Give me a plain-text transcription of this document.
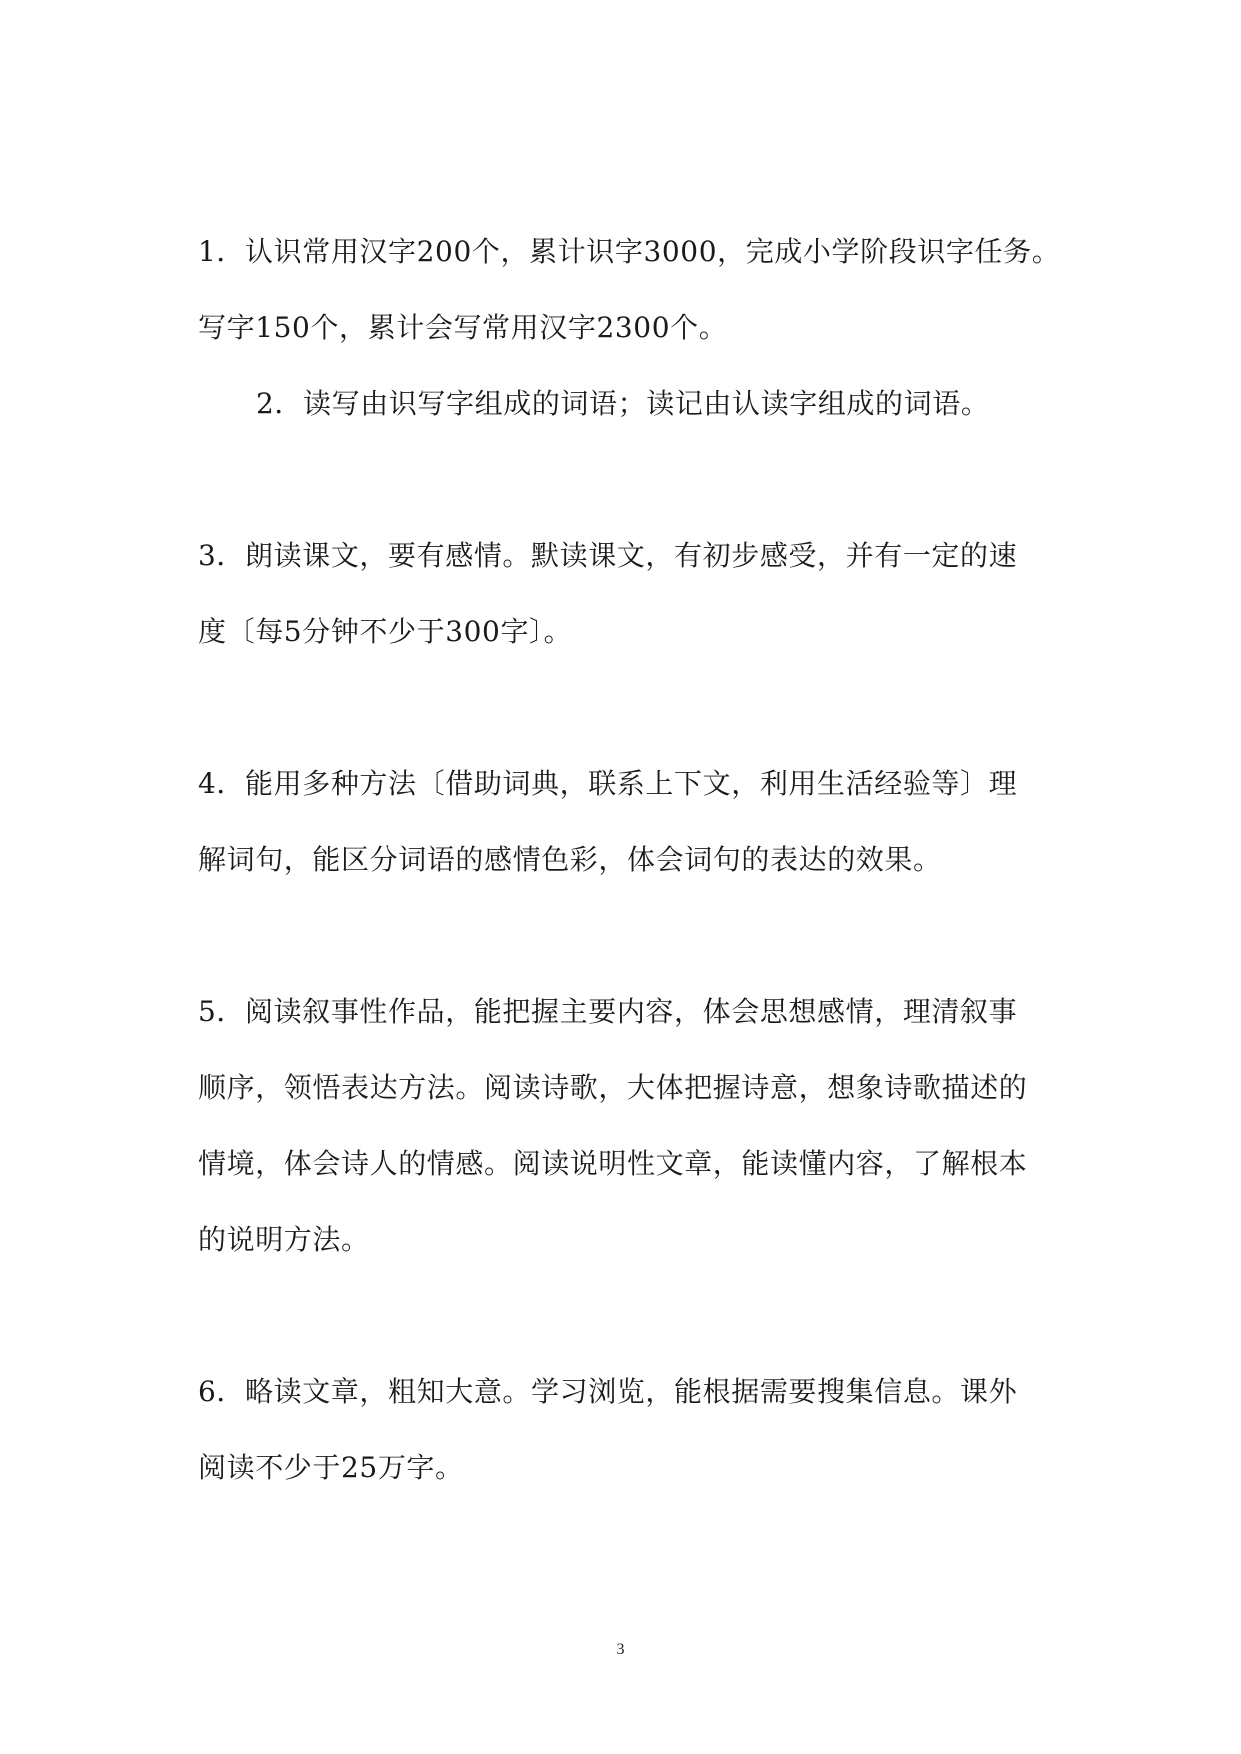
1．认识常用汉字200个，累计识字3000，完成小学阶段识字任务。
写字150个，累计会写常用汉字2300个。
2．读写由识写字组成的词语；读记由认读字组成的词语。
3．朗读课文，要有感情。默读课文，有初步感受，并有一定的速
度〔每5分钟不少于300字〕。
4．能用多种方法〔借助词典，联系上下文，利用生活经验等〕理
解词句，能区分词语的感情色彩，体会词句的表达的效果。
5．阅读叙事性作品，能把握主要内容，体会思想感情，理清叙事
顺序，领悟表达方法。阅读诗歌，大体把握诗意，想象诗歌描述的
情境，体会诗人的情感。阅读说明性文章，能读懂内容，了解根本
的说明方法。
6．略读文章，粗知大意。学习浏览，能根据需要搜集信息。课外
阅读不少于25万字。
3
